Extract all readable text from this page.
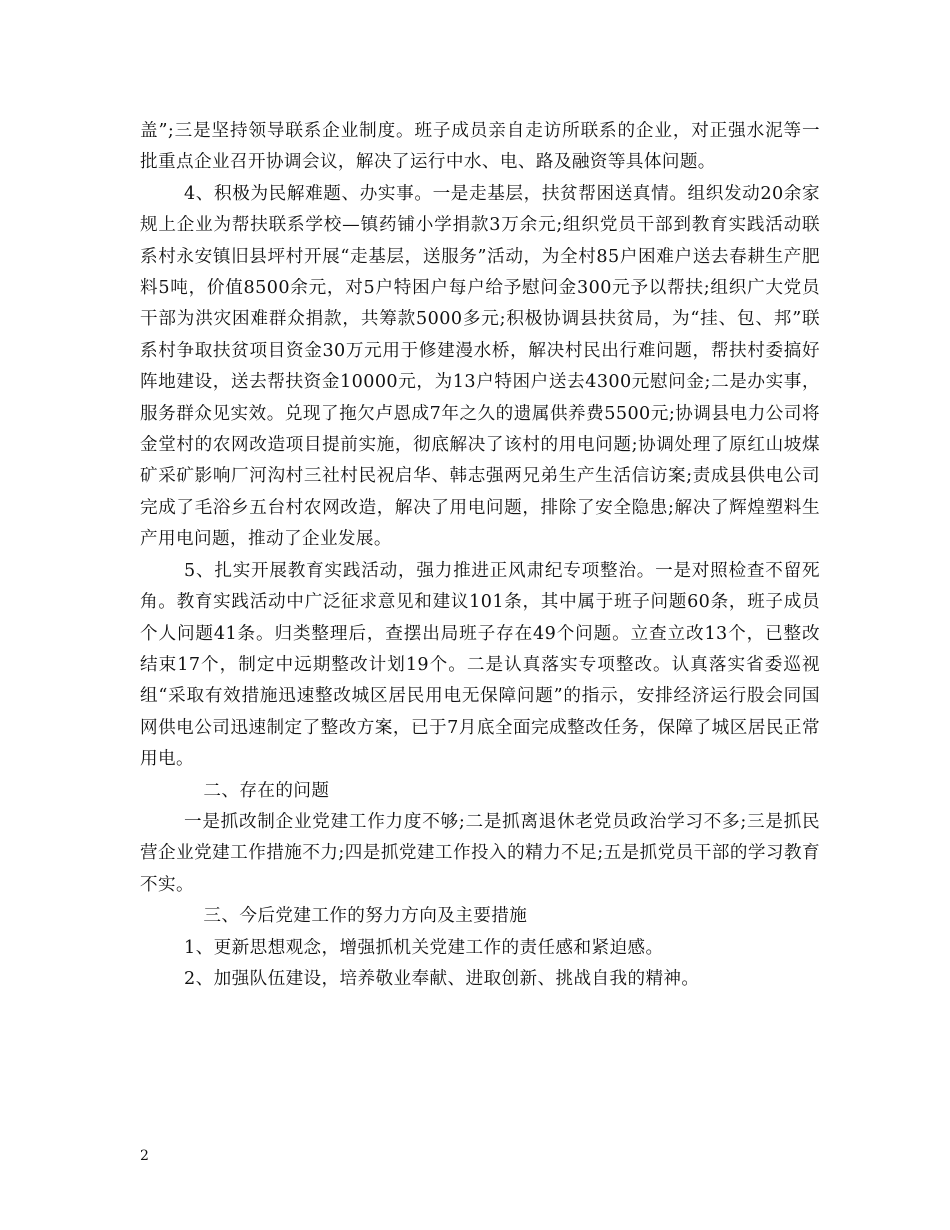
盖”;三是坚持领导联系企业制度。班子成员亲自走访所联系的企业，对正强水泥等一批重点企业召开协调会议，解决了运行中水、电、路及融资等具体问题。

4、积极为民解难题、办实事。一是走基层，扶贫帮困送真情。组织发动20余家规上企业为帮扶联系学校—镇药铺小学捐款3万余元;组织党员干部到教育实践活动联系村永安镇旧县坪村开展“走基层，送服务”活动，为全村85户困难户送去春耕生产肥料5吨，价值8500余元，对5户特困户每户给予慰问金300元予以帮扶;组织广大党员干部为洪灾困难群众捐款，共筹款5000多元;积极协调县扶贫局，为“挂、包、邦”联系村争取扶贫项目资金30万元用于修建漫水桥，解决村民出行难问题，帮扶村委搞好阵地建设，送去帮扶资金10000元，为13户特困户送去4300元慰问金;二是办实事，服务群众见实效。兑现了拖欠卢恩成7年之久的遗属供养费5500元;协调县电力公司将金堂村的农网改造项目提前实施，彻底解决了该村的用电问题;协调处理了原红山坡煤矿采矿影响厂河沟村三社村民祝启华、韩志强两兄弟生产生活信访案;责成县供电公司完成了毛浴乡五台村农网改造，解决了用电问题，排除了安全隐患;解决了辉煌塑料生产用电问题，推动了企业发展。

5、扎实开展教育实践活动，强力推进正风肃纪专项整治。一是对照检查不留死角。教育实践活动中广泛征求意见和建议101条，其中属于班子问题60条，班子成员个人问题41条。归类整理后，查摆出局班子存在49个问题。立查立改13个，已整改结束17个，制定中远期整改计划19个。二是认真落实专项整改。认真落实省委巡视组“采取有效措施迅速整改城区居民用电无保障问题”的指示，安排经济运行股会同国网供电公司迅速制定了整改方案，已于7月底全面完成整改任务，保障了城区居民正常用电。

二、存在的问题

一是抓改制企业党建工作力度不够;二是抓离退休老党员政治学习不多;三是抓民营企业党建工作措施不力;四是抓党建工作投入的精力不足;五是抓党员干部的学习教育不实。

三、今后党建工作的努力方向及主要措施

1、更新思想观念，增强抓机关党建工作的责任感和紧迫感。

2、加强队伍建设，培养敬业奉献、进取创新、挑战自我的精神。

2
